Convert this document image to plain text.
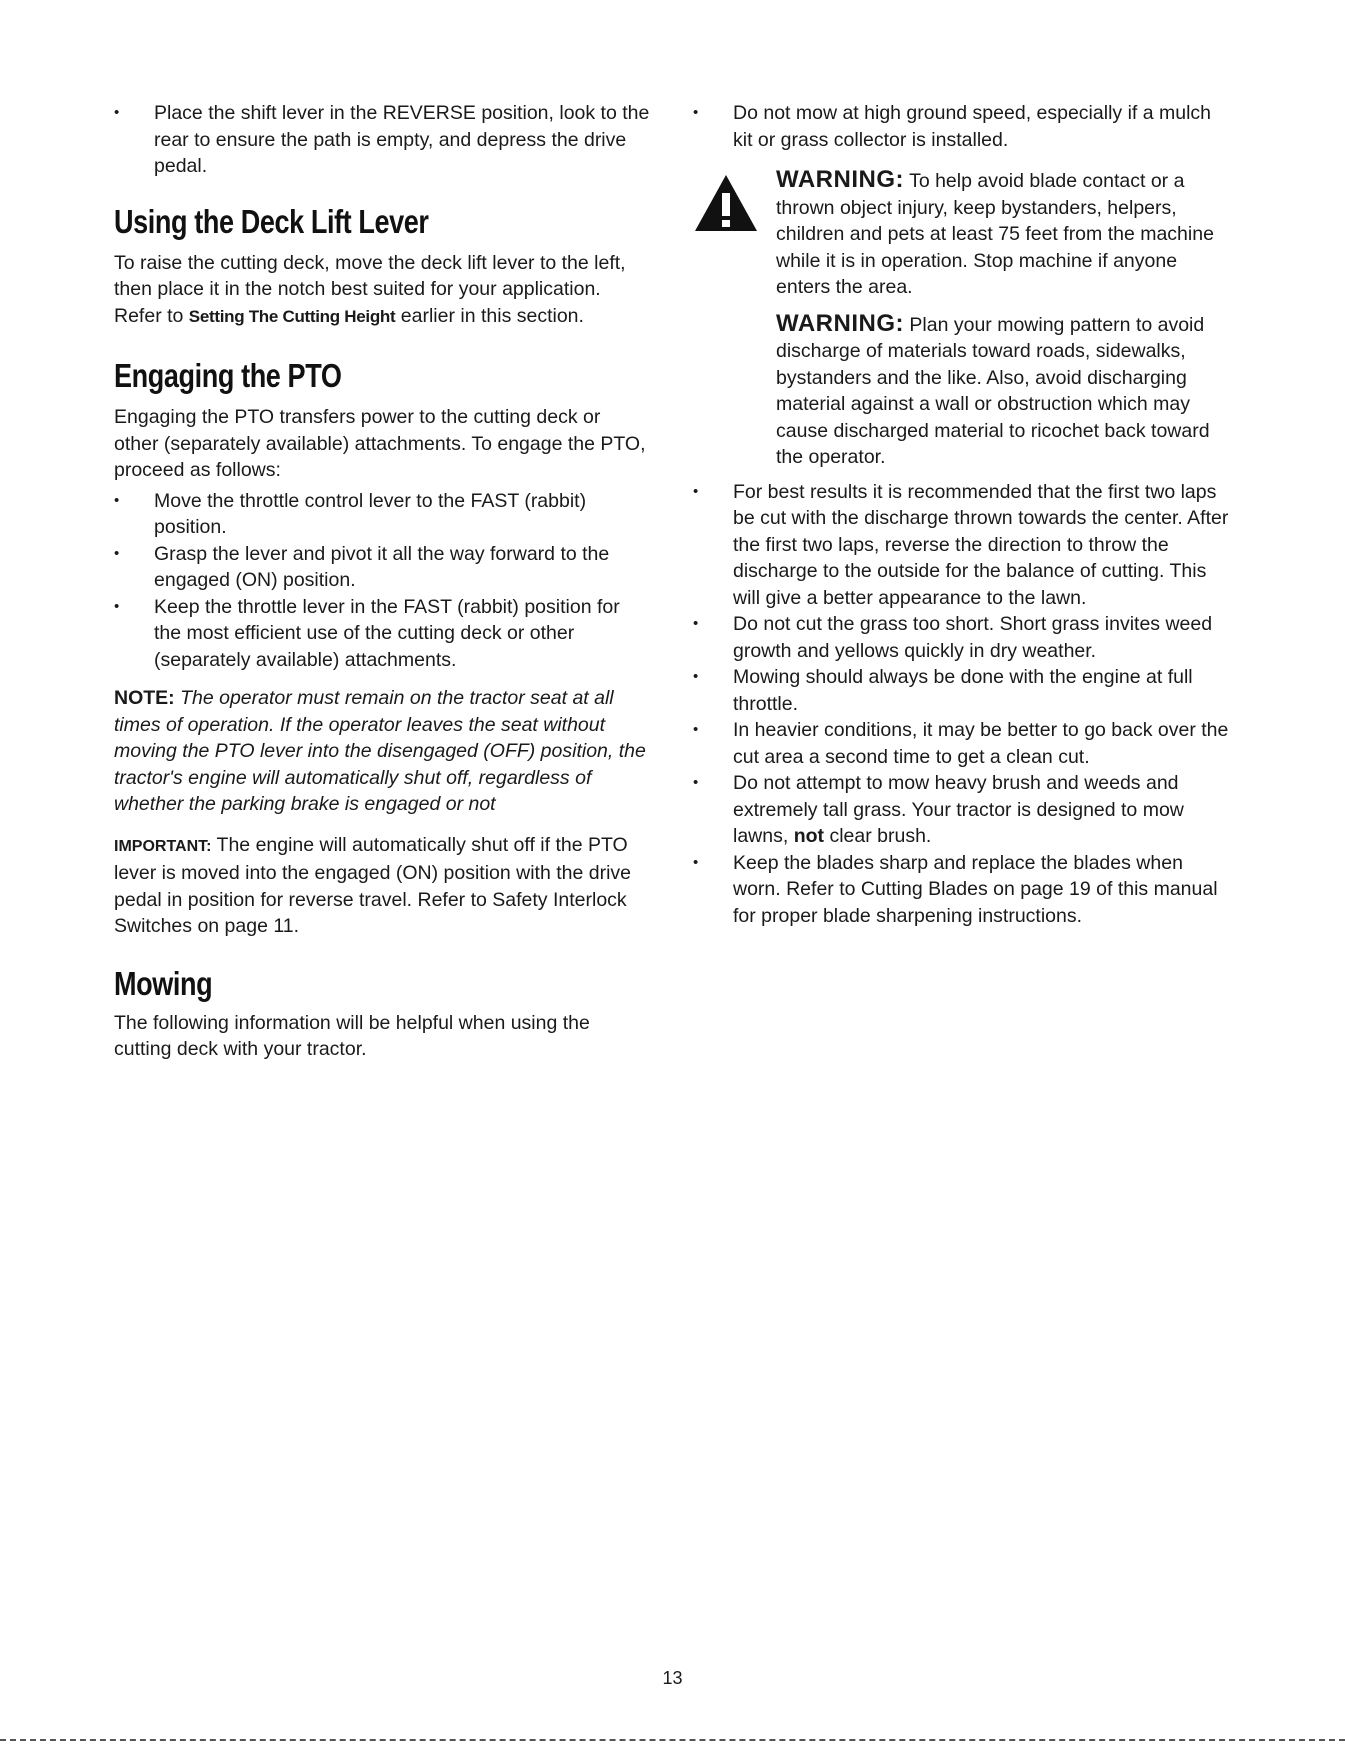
• Place the shift lever in the REVERSE position, look to the rear to ensure the path is empty, and depress the drive pedal.
Using the Deck Lift Lever

To raise the cutting deck, move the deck lift lever to the left, then place it in the notch best suited for your application. Refer to Setting The Cutting Height earlier in this section.

Engaging the PTO

Engaging the PTO transfers power to the cutting deck or other (separately available) attachments. To engage the PTO, proceed as follows:

• Move the throttle control lever to the FAST (rabbit) position.
• Grasp the lever and pivot it all the way forward to the engaged (ON) position.
• Keep the throttle lever in the FAST (rabbit) position for the most efficient use of the cutting deck or other (separately available) attachments.

NOTE: The operator must remain on the tractor seat at all times of operation. If the operator leaves the seat without moving the PTO lever into the disengaged (OFF) position, the tractor's engine will automatically shut off, regardless of whether the parking brake is engaged or not

IMPORTANT: The engine will automatically shut off if the PTO lever is moved into the engaged (ON) position with the drive pedal in position for reverse travel. Refer to Safety Interlock Switches on page 11.

Mowing

The following information will be helpful when using the cutting deck with your tractor.

• Do not mow at high ground speed, especially if a mulch kit or grass collector is installed.

WARNING: To help avoid blade contact or a thrown object injury, keep bystanders, helpers, children and pets at least 75 feet from the machine while it is in operation. Stop machine if anyone enters the area.

WARNING: Plan your mowing pattern to avoid discharge of materials toward roads, sidewalks, bystanders and the like. Also, avoid discharging material against a wall or obstruction which may cause discharged material to ricochet back toward the operator.

• For best results it is recommended that the first two laps be cut with the discharge thrown towards the center. After the first two laps, reverse the direction to throw the discharge to the outside for the balance of cutting. This will give a better appearance to the lawn.
• Do not cut the grass too short. Short grass invites weed growth and yellows quickly in dry weather.
• Mowing should always be done with the engine at full throttle.
• In heavier conditions, it may be better to go back over the cut area a second time to get a clean cut.
• Do not attempt to mow heavy brush and weeds and extremely tall grass. Your tractor is designed to mow lawns, not clear brush.
• Keep the blades sharp and replace the blades when worn. Refer to Cutting Blades on page 19 of this manual for proper blade sharpening instructions.
13
